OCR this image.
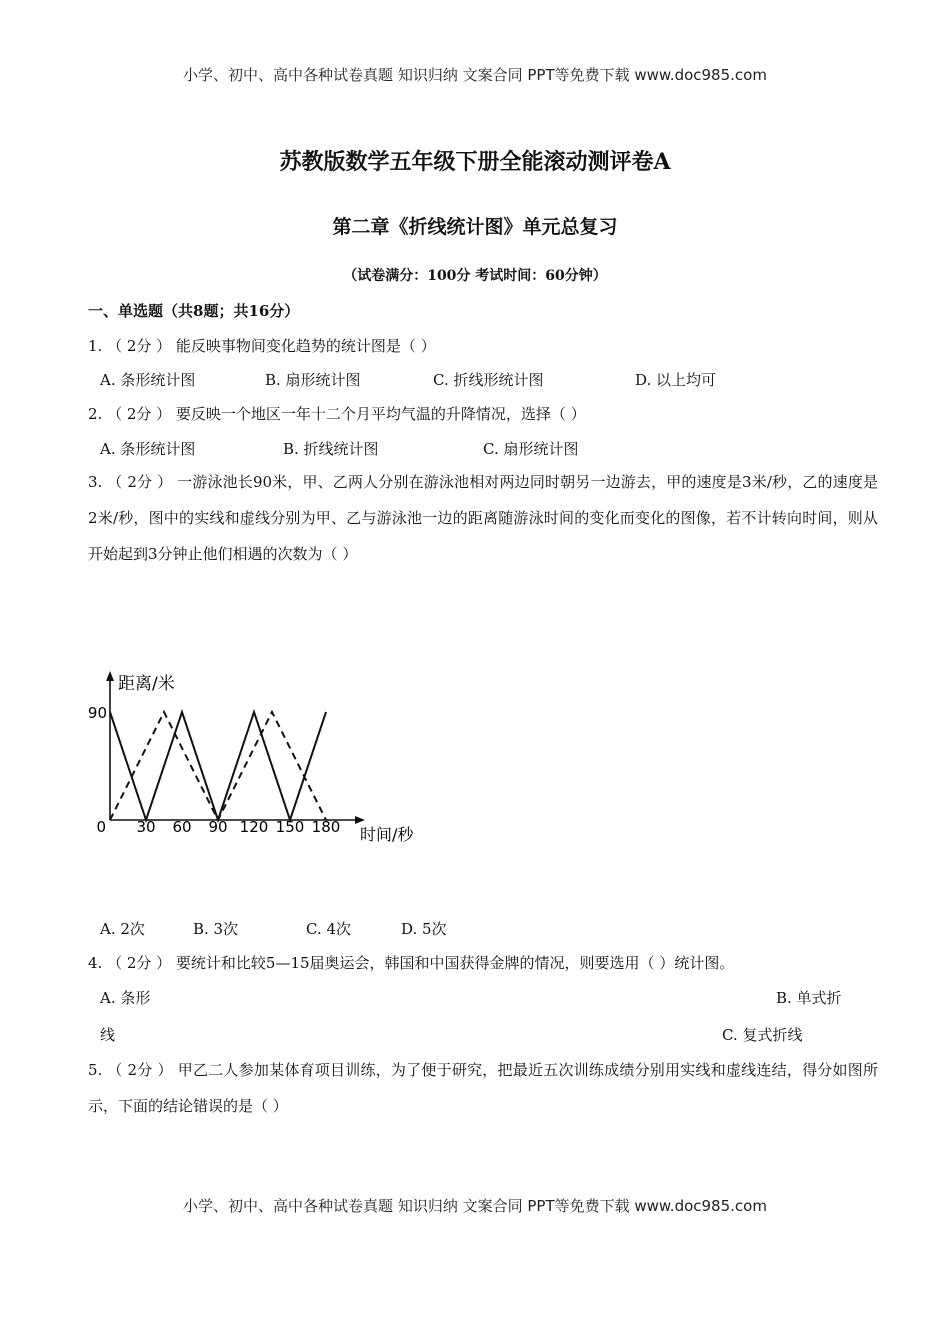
小学、初中、高中各种试卷真题 知识归纳 文案合同 PPT等免费下载 www.doc985.com
苏教版数学五年级下册全能滚动测评卷A
第二章《折线统计图》单元总复习
（试卷满分：100分 考试时间：60分钟）
一、单选题（共8题；共16分）
1. （ 2分 ） 能反映事物间变化趋势的统计图是（ ）
A. 条形统计图	B. 扇形统计图	C. 折线形统计图	D. 以上均可
2. （ 2分 ） 要反映一个地区一年十二个月平均气温的升降情况，选择（ ）
A. 条形统计图	B. 折线统计图	C. 扇形统计图
3. （ 2分 ） 一游泳池长90米，甲、乙两人分别在游泳池相对两边同时朝另一边游去，甲的速度是3米/秒，乙的速度是2米/秒，图中的实线和虚线分别为甲、乙与游泳池一边的距离随游泳时间的变化而变化的图像，若不计转向时间，则从开始起到3分钟止他们相遇的次数为（ ）
距离/米
时间/秒
0
90
30 60 90 120 150 180
A. 2次	B. 3次	C. 4次	D. 5次
4. （ 2分 ） 要统计和比较5—15届奥运会，韩国和中国获得金牌的情况，则要选用（ ）统计图。
A. 条形	B. 单式折
线	C. 复式折线
5. （ 2分 ） 甲乙二人参加某体育项目训练，为了便于研究，把最近五次训练成绩分别用实线和虚线连结，得分如图所示，下面的结论错误的是（ ）
小学、初中、高中各种试卷真题 知识归纳 文案合同 PPT等免费下载 www.doc985.com
